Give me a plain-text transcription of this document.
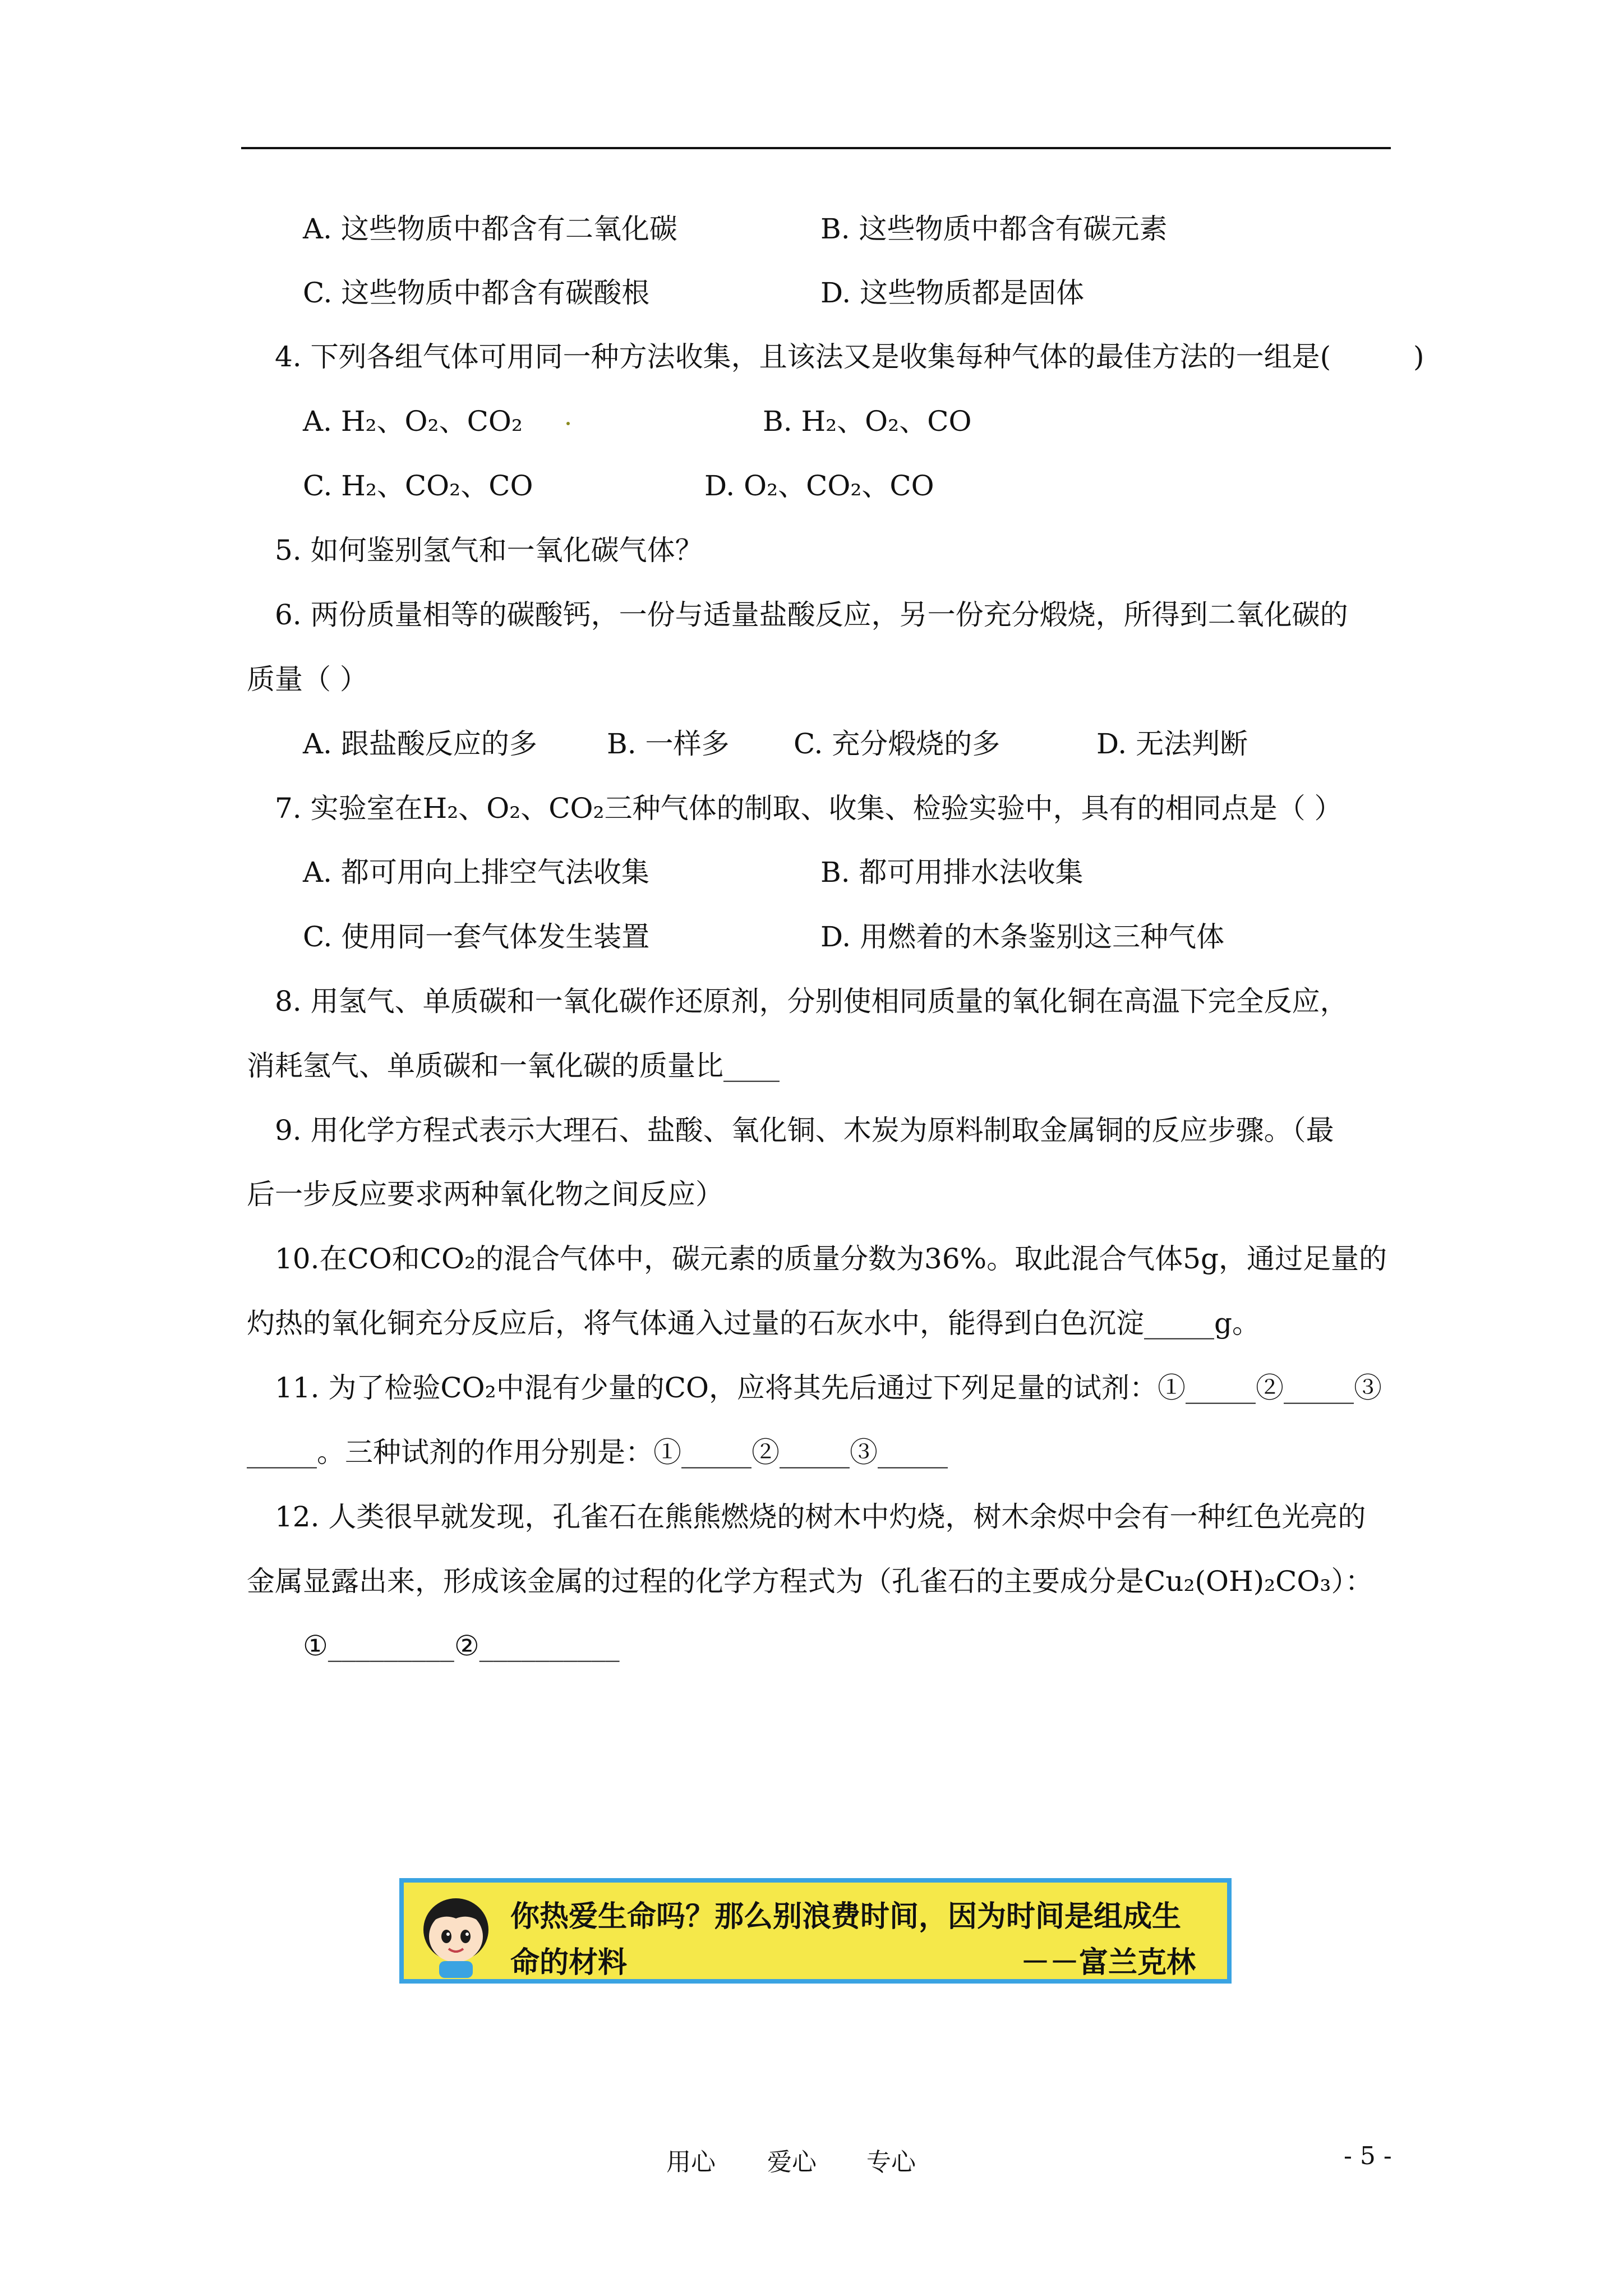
A. 这些物质中都含有二氧化碳	B. 这些物质中都含有碳元素
C. 这些物质中都含有碳酸根	D. 这些物质都是固体
4. 下列各组气体可用同一种方法收集，且该法又是收集每种气体的最佳方法的一组是(	)
A. H₂、O₂、CO₂	B. H₂、O₂、CO
C. H₂、CO₂、CO	D. O₂、CO₂、CO
5. 如何鉴别氢气和一氧化碳气体？
6. 两份质量相等的碳酸钙，一份与适量盐酸反应，另一份充分煅烧，所得到二氧化碳的
质量（ ）
A. 跟盐酸反应的多 B. 一样多 C. 充分煅烧的多	D. 无法判断
7. 实验室在H₂、O₂、CO₂三种气体的制取、收集、检验实验中，具有的相同点是（ ）
A. 都可用向上排空气法收集	B. 都可用排水法收集
C. 使用同一套气体发生装置	D. 用燃着的木条鉴别这三种气体
8. 用氢气、单质碳和一氧化碳作还原剂，分别使相同质量的氧化铜在高温下完全反应，
消耗氢气、单质碳和一氧化碳的质量比____
9. 用化学方程式表示大理石、盐酸、氧化铜、木炭为原料制取金属铜的反应步骤。（最
后一步反应要求两种氧化物之间反应）
10.在CO和CO₂的混合气体中，碳元素的质量分数为36%。取此混合气体5g，通过足量的
灼热的氧化铜充分反应后，将气体通入过量的石灰水中，能得到白色沉淀_____g。
11. 为了检验CO₂中混有少量的CO，应将其先后通过下列足量的试剂：①_____②_____③
_____。三种试剂的作用分别是：①_____②_____③_____
12. 人类很早就发现，孔雀石在熊熊燃烧的树木中灼烧，树木余烬中会有一种红色光亮的
金属显露出来，形成该金属的过程的化学方程式为（孔雀石的主要成分是Cu₂(OH)₂CO₃）：
①_________②__________
你热爱生命吗？那么别浪费时间，因为时间是组成生
命的材料	－－富兰克林
用心 爱心 专心	- 5 -
